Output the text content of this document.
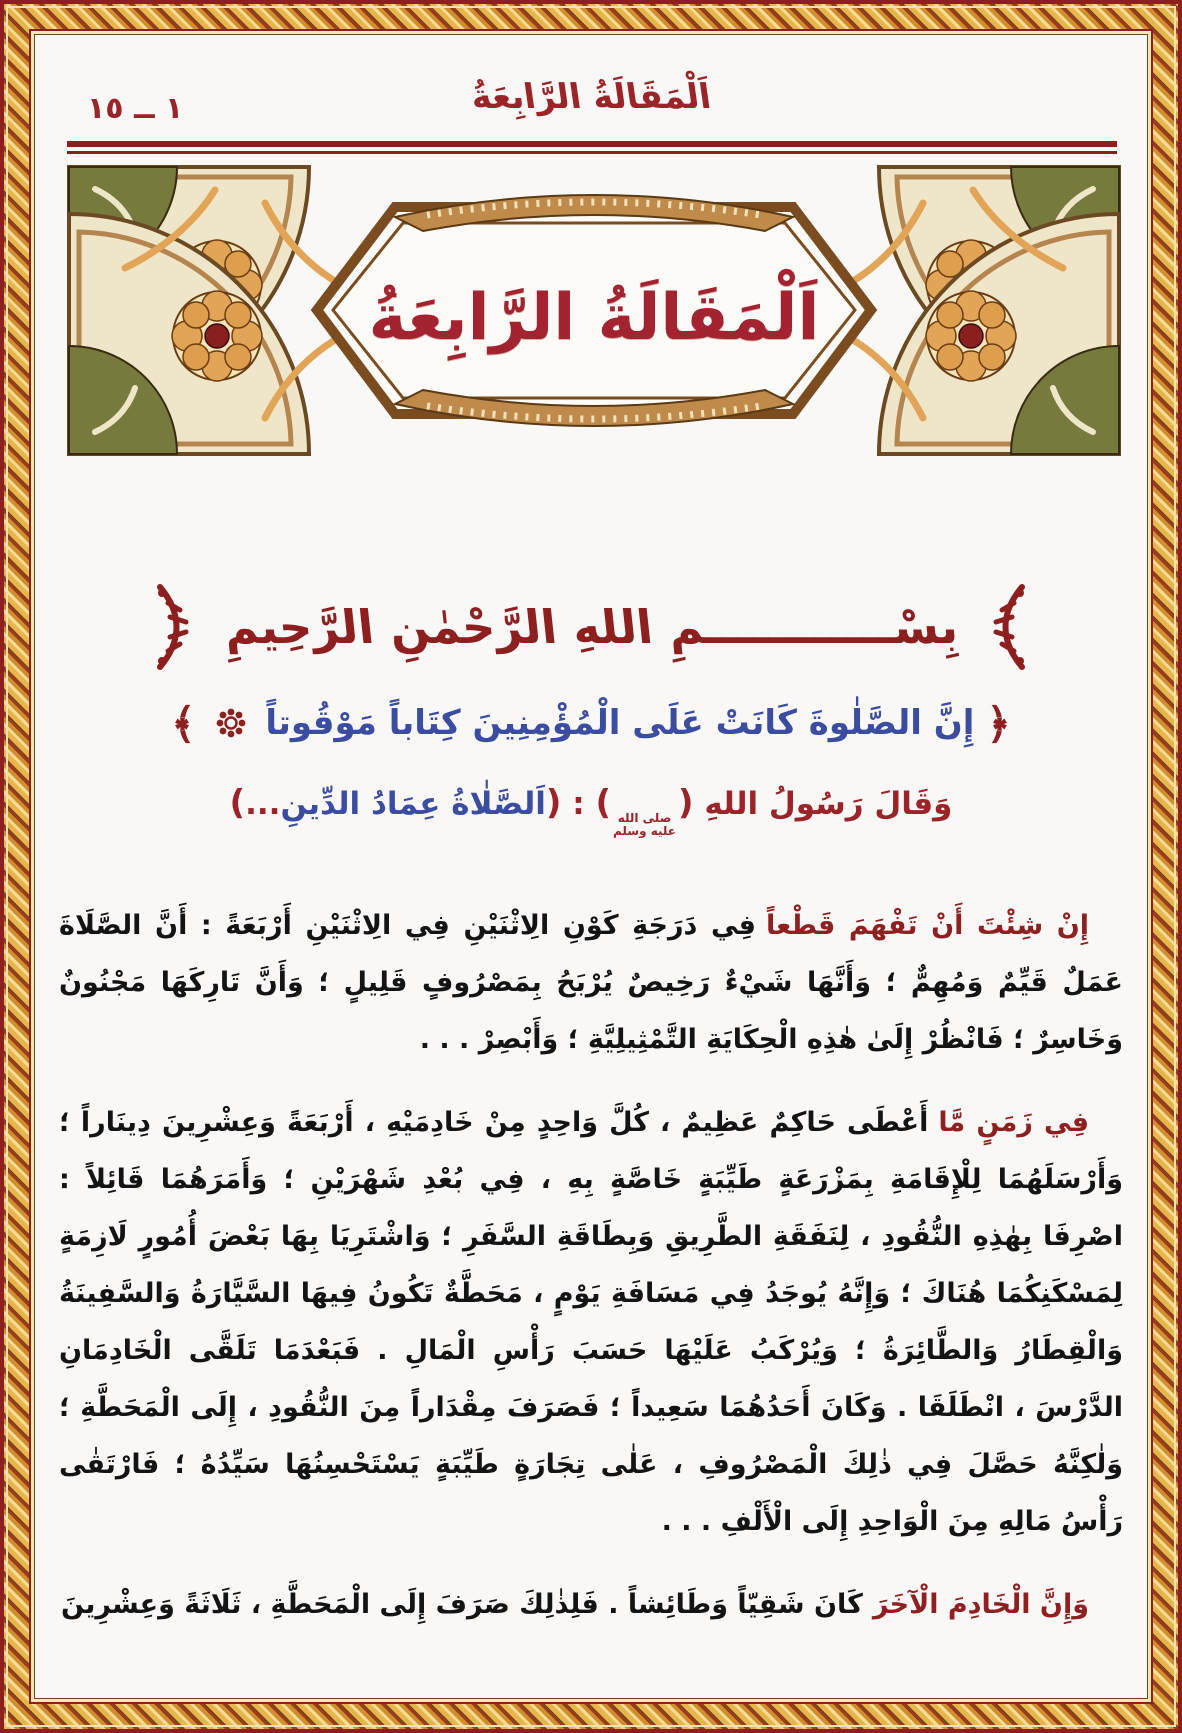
اَلْمَقَالَةُ الرَّابِعَةُ
١ ــ ١٥
اَلْمَقَالَةُ الرَّابِعَةُ
بِسْــــــــــــمِ اللهِ الرَّحْمٰنِ الرَّحِيمِ
﴿ إِنَّ الصَّلٰوةَ كَانَتْ عَلَى الْمُؤْمِنِينَ كِتَاباً مَوْقُوتاً  ﴾
وَقَالَ رَسُولُ اللهِ (
صلى الله
عليه وسلم
) : (اَلصَّلٰاةُ عِمَادُ الدِّينِ...)

إِنْ شِئْتَ أَنْ تَفْهَمَ قَطْعاًفِي دَرَجَةِ كَوْنِ الِاثْنَيْنِ فِي الِاثْنَيْنِ أَرْبَعَةً : أَنَّ الصَّلَاةَ عَمَلٌ قَيِّمٌ وَمُهِمٌّ ؛ وَأَنَّهَا شَيْءٌ رَخِيصٌ يُرْبَحُ بِمَصْرُوفٍ قَلِيلٍ ؛ وَأَنَّ تَارِكَهَا مَجْنُونٌ وَخَاسِرٌ ؛ فَانْظُرْ إِلَىٰ هٰذِهِ الْحِكَايَةِ التَّمْثِيلِيَّةِ ؛ وَأَبْصِرْ . . .

فِي زَمَنٍ مَّاأَعْطَى حَاكِمٌ عَظِيمٌ ، كُلَّ وَاحِدٍ مِنْ خَادِمَيْهِ ، أَرْبَعَةً وَعِشْرِينَ دِينَاراً ؛ وَأَرْسَلَهُمَا لِلْإِقَامَةِ بِمَزْرَعَةٍ طَيِّبَةٍ خَاصَّةٍ بِهِ ، فِي بُعْدِ شَهْرَيْنِ ؛ وَأَمَرَهُمَا قَائِلاً : اصْرِفَا بِهٰذِهِ النُّقُودِ ، لِنَفَقَةِ الطَّرِيقِ وَبِطَاقَةِ السَّفَرِ ؛ وَاشْتَرِيَا بِهَا بَعْضَ أُمُورٍ لَازِمَةٍ لِمَسْكَنِكُمَا هُنَاكَ ؛ وَإِنَّهُ يُوجَدُ فِي مَسَافَةِ يَوْمٍ ، مَحَطَّةٌ تَكُونُ فِيهَا السَّيَّارَةُ وَالسَّفِينَةُ وَالْقِطَارُ وَالطَّائِرَةُ ؛ وَيُرْكَبُ عَلَيْهَا حَسَبَ رَأْسِ الْمَالِ . فَبَعْدَمَا تَلَقَّى الْخَادِمَانِ الدَّرْسَ ، انْطَلَقَا . وَكَانَ أَحَدُهُمَا سَعِيداً ؛ فَصَرَفَ مِقْدَاراً مِنَ النُّقُودِ ، إِلَى الْمَحَطَّةِ ؛ وَلٰكِنَّهُ حَصَّلَ فِي ذٰلِكَ الْمَصْرُوفِ ، عَلٰى تِجَارَةٍ طَيِّبَةٍ يَسْتَحْسِنُهَا سَيِّدُهُ ؛ فَارْتَقٰى رَأْسُ مَالِهِ مِنَ الْوَاحِدِ إِلَى الْأَلْفِ . . .

وَإِنَّ الْخَادِمَ الْآخَرَكَانَ شَقِيّاً وَطَائِشاً . فَلِذٰلِكَ صَرَفَ إِلَى الْمَحَطَّةِ ، ثَلَاثَةً وَعِشْرِينَ
